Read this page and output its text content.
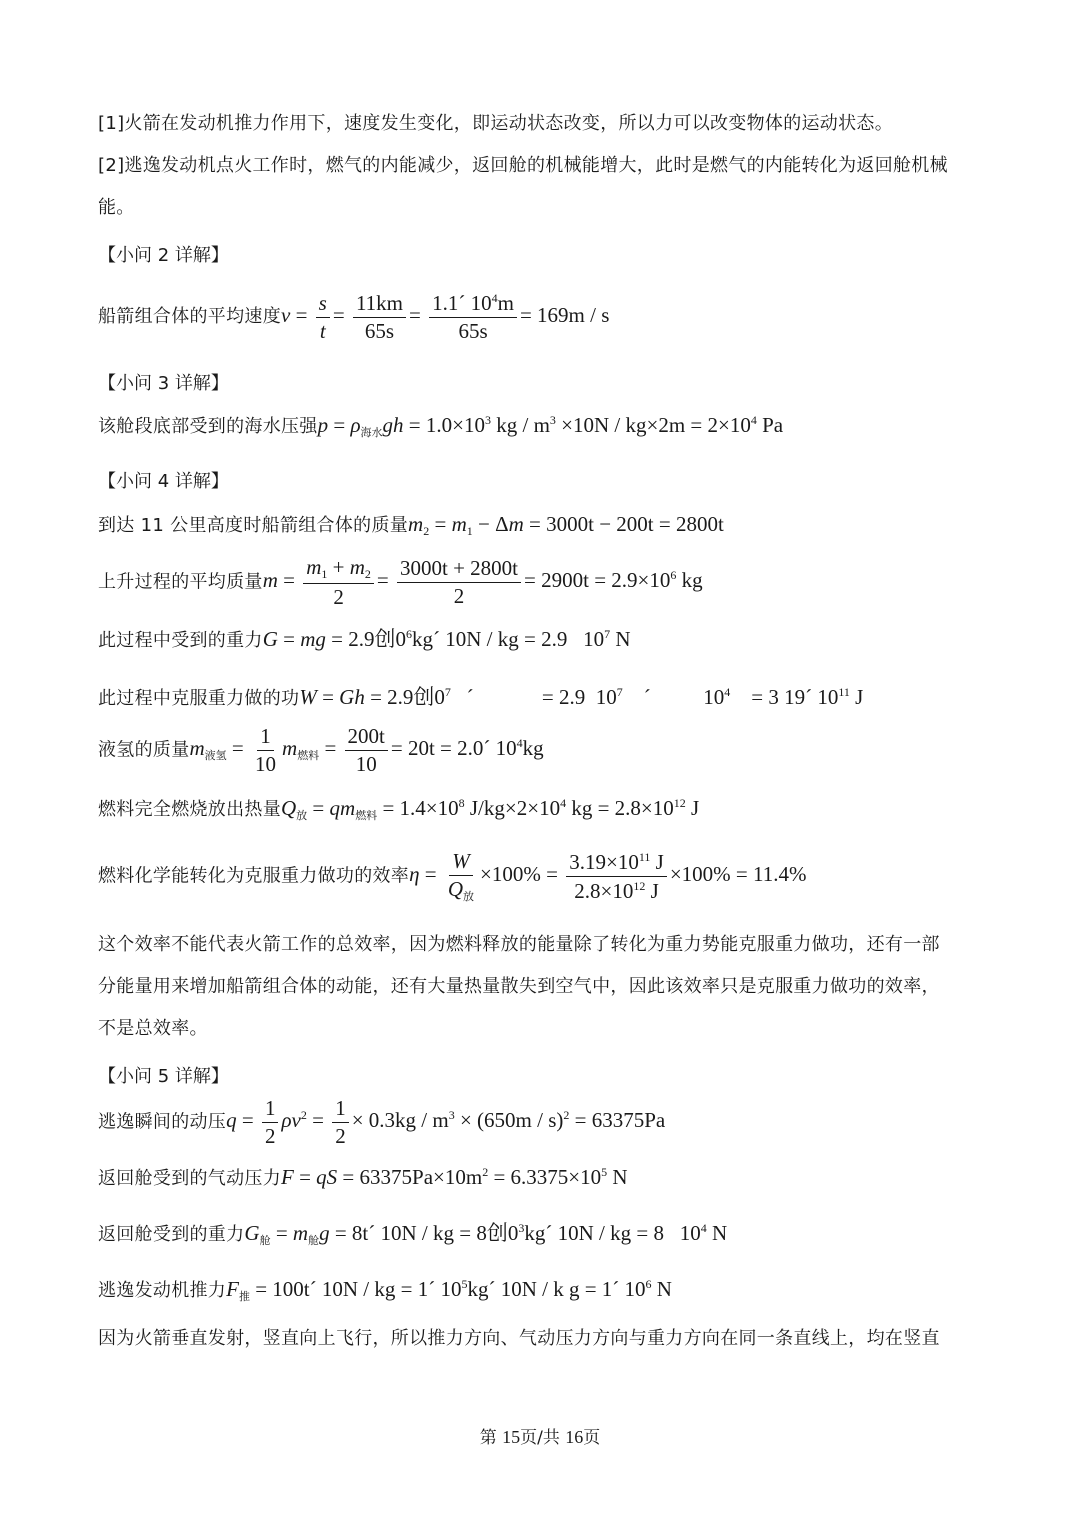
[1]火箭在发动机推力作用下，速度发生变化，即运动状态改变，所以力可以改变物体的运动状态。
[2]逃逸发动机点火工作时，燃气的内能减少，返回舱的机械能增大，此时是燃气的内能转化为返回舱机械
能。
【小问 2 详解】
船箭组合体的平均速度$v = \frac{s}{t} = \frac{11km}{65s} = \frac{1.1´ 10^4m}{65s} = 169m / s$
【小问 3 详解】
该舱段底部受到的海水压强$p = \rho_{海水}gh = 1.0\times 10^3$ kg / $m^3 \times 10N / kg\times 2m = 2\times 10^4$ Pa
【小问 4 详解】
到达 11 公里高度时船箭组合体的质量$m_2 = m_1 - \Delta m = 3000t - 200t = 2800t$
上升过程的平均质量$m = \frac{m_1 + m_2}{2} = \frac{3000t + 2800t}{2} = 2900t = 2.9\times 10^6$ kg
此过程中受到的重力G = mg = 2.9创$0^6kg´$ 10N / kg = 2.9   $10^7$ N
此过程中克服重力做的功W = Gh = 2.9创$0^7$   ´             = 2.9  $10^7$    ´          $10^4$    = 3 19´ $10^{11}$ J
液氢的质量$m_{液氢} = \frac{1}{10} m_{燃料} = \frac{200t}{10} = 20t$ = 2.0´ $10^4kg$
燃料完全燃烧放出热量$Q_放 = qm_{燃料} = 1.4\times 10^8$ $J/kg\times 2\times 10^4$ kg = $2.8\times 10^{12}$ J
燃料化学能转化为克服重力做功的效率$\eta = \frac{W}{Q_放} \times 100\% = \frac{3.19\times 10^{11} J}{2.8\times 10^{12} J} \times 100\% = 11.4\%$
这个效率不能代表火箭工作的总效率，因为燃料释放的能量除了转化为重力势能克服重力做功，还有一部
分能量用来增加船箭组合体的动能，还有大量热量散失到空气中，因此该效率只是克服重力做功的效率，
不是总效率。
【小问 5 详解】
逃逸瞬间的动压$q = \frac{1}{2} \rho v^2 = \frac{1}{2} \times 0.3kg / m^3 \times (650m / s)^2 = 63375Pa$
返回舱受到的气动压力F = qS = $63375Pa\times 10m^2 = 6.3375\times 10^5$ N
返回舱受到的重力$G_舱 = m_舱g$ = 8t´ 10N / kg = 8创$0^3kg´$ 10N / kg = 8   $10^4$ N
逃逸发动机推力$F_推$ = 100t´ 10N / kg = 1´ $10^5kg´$ 10N / k g = 1´ $10^6$ N
因为火箭垂直发射，竖直向上飞行，所以推力方向、气动压力方向与重力方向在同一条直线上，均在竖直
第 15页/共 16页
